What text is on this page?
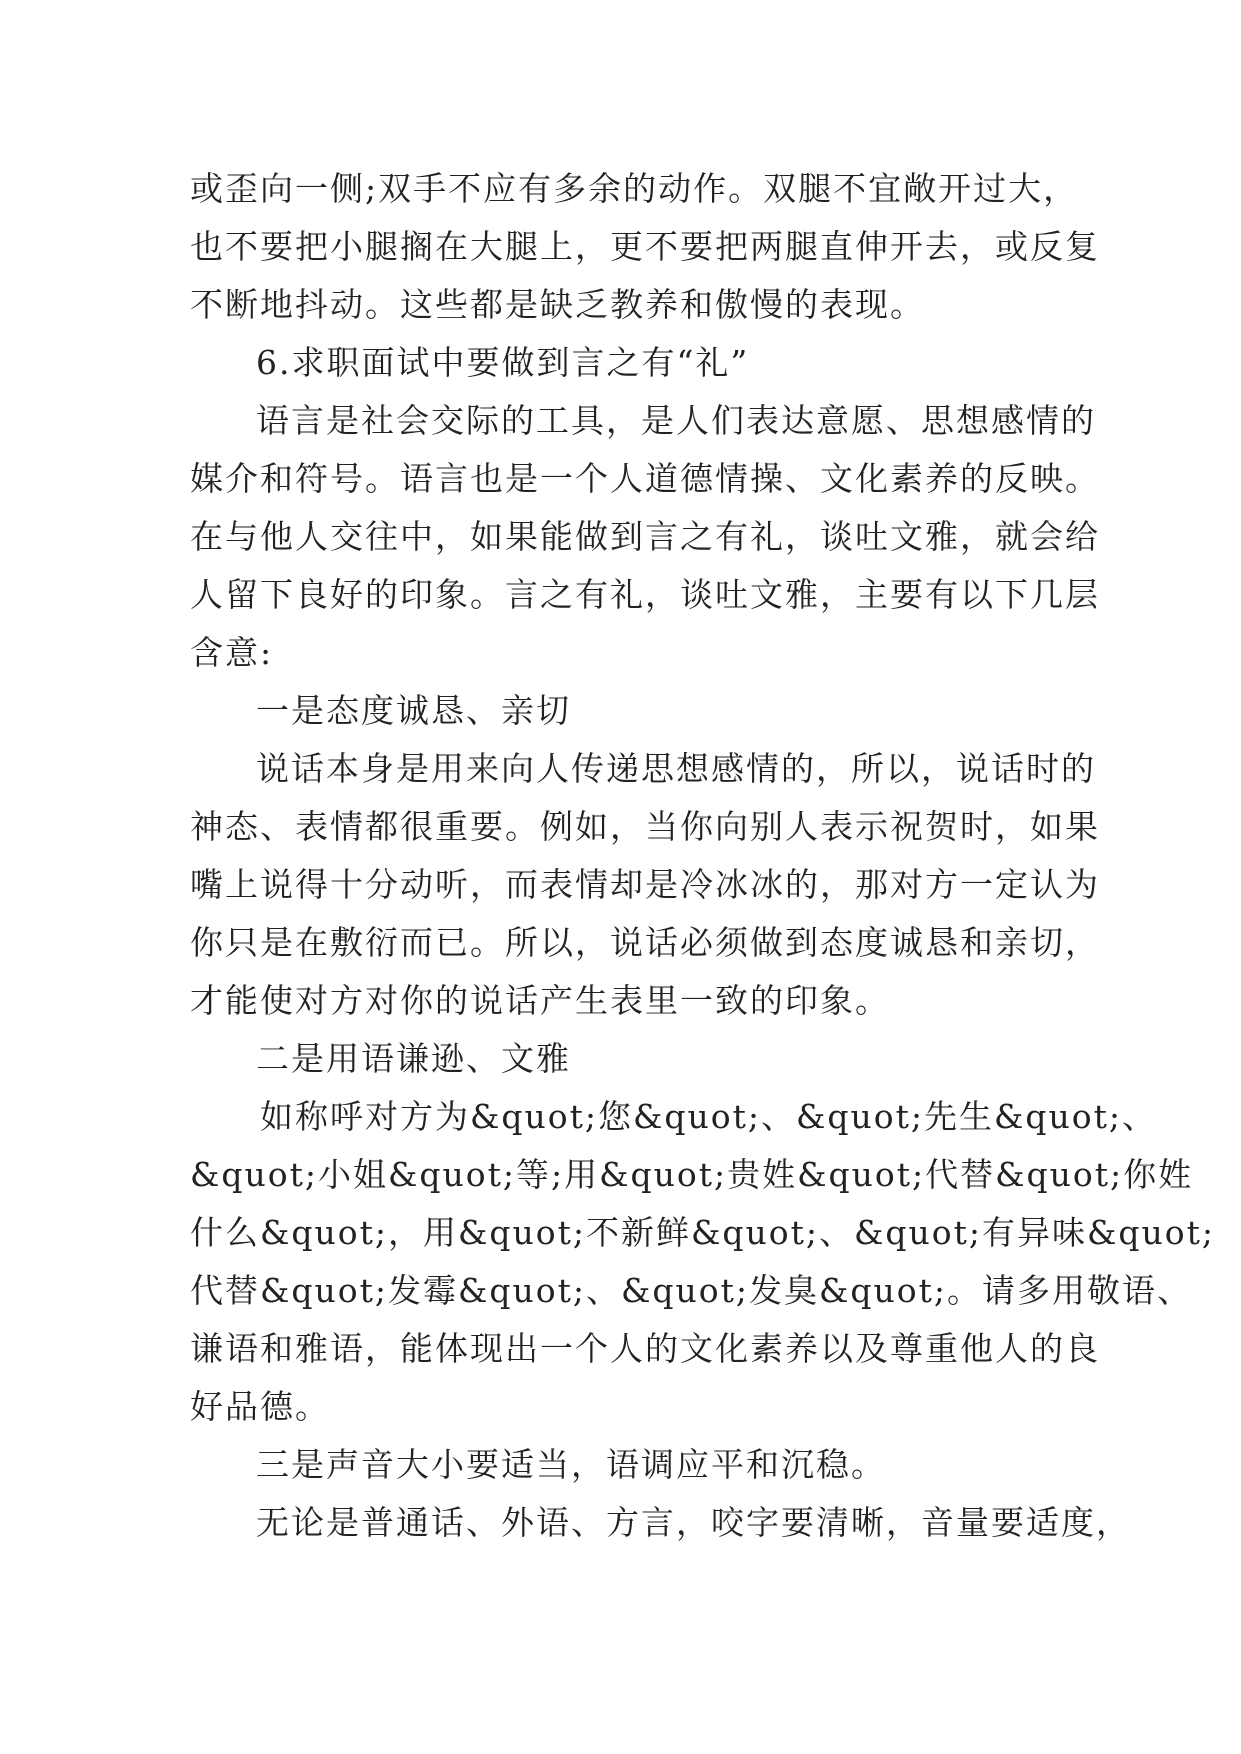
或歪向一侧;双手不应有多余的动作。双腿不宜敞开过大，

也不要把小腿搁在大腿上，更不要把两腿直伸开去，或反复

不断地抖动。这些都是缺乏教养和傲慢的表现。

6.求职面试中要做到言之有“礼”

语言是社会交际的工具，是人们表达意愿、思想感情的

媒介和符号。语言也是一个人道德情操、文化素养的反映。

在与他人交往中，如果能做到言之有礼，谈吐文雅，就会给

人留下良好的印象。言之有礼，谈吐文雅，主要有以下几层

含意:

一是态度诚恳、亲切

说话本身是用来向人传递思想感情的，所以，说话时的

神态、表情都很重要。例如，当你向别人表示祝贺时，如果

嘴上说得十分动听，而表情却是冷冰冰的，那对方一定认为

你只是在敷衍而已。所以，说话必须做到态度诚恳和亲切，

才能使对方对你的说话产生表里一致的印象。

二是用语谦逊、文雅

如称呼对方为&quot;您&quot;、&quot;先生&quot;、

&quot;小姐&quot;等;用&quot;贵姓&quot;代替&quot;你姓

什么&quot;，用&quot;不新鲜&quot;、&quot;有异味&quot;

代替&quot;发霉&quot;、&quot;发臭&quot;。请多用敬语、

谦语和雅语，能体现出一个人的文化素养以及尊重他人的良

好品德。

三是声音大小要适当，语调应平和沉稳。

无论是普通话、外语、方言，咬字要清晰，音量要适度，
